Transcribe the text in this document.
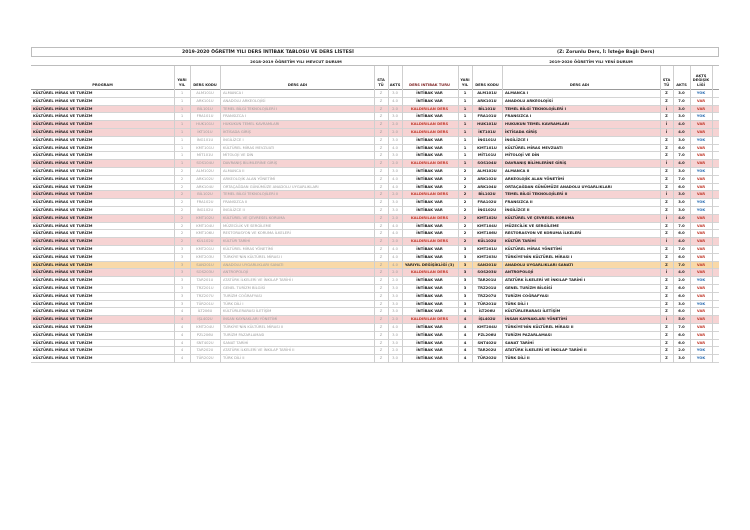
2019-2020 ÖĞRETİM YILI DERS İNTİBAK TABLOSU VE DERS LİSTESİ	(Z: Zorunlu Ders, İ: İsteğe Bağlı Ders)
2018-2019 ÖĞRETİM YILI MEVCUT DURUM	2019-2020 ÖĞRETİM YILI YENİ DURUM
PROGRAM
YARI YIL	DERS KODU	DERS ADI
STA TÜ	AKTS	DERS İNTİBAK TÜRÜ
YARI YIL	DERS KODU	DERS ADI
STA TÜ	AKTS
AKTS DEĞİŞİK LİĞİ
KÜLTÜREL MİRAS VE TURİZM	1	ALM101U	ALMANCA I	Z	3.0	İNTİBAK VAR	1	ALM101U	ALMANCA I	Z	3.0	YOK
KÜLTÜREL MİRAS VE TURİZM	1	ARK101U	ANADOLU ARKEOLOJİSİ	Z	4.0	İNTİBAK VAR	1	ARK101U	ANADOLU ARKEOLOJİSİ	Z	7.0	VAR
KÜLTÜREL MİRAS VE TURİZM	1	BİL101U	TEMEL BİLGİ TEKNOLOJİLERİ I	Z	2.0	KALDIRILAN DERS	1	BİL101U	TEMEL BİLGİ TEKNOLOJİLERİ I	İ	3.0	VAR
KÜLTÜREL MİRAS VE TURİZM	1	FRA101U	FRANSIZCA I	Z	3.0	İNTİBAK VAR	1	FRA101U	FRANSIZCA I	Z	3.0	YOK
KÜLTÜREL MİRAS VE TURİZM	1	HUK101U	HUKUKUN TEMEL KAVRAMLARI	Z	2.0	KALDIRILAN DERS	1	HUK101U	HUKUKUN TEMEL KAVRAMLARI	İ	4.0	VAR
KÜLTÜREL MİRAS VE TURİZM	1	İKT101U	İKTİSADA GİRİŞ	Z	2.0	KALDIRILAN DERS	1	İKT101U	İKTİSADA GİRİŞ	İ	4.0	VAR
KÜLTÜREL MİRAS VE TURİZM	1	İNG101U	İNGİLİZCE I	Z	3.0	İNTİBAK VAR	1	İNG101U	İNGİLİZCE I	Z	3.0	YOK
KÜLTÜREL MİRAS VE TURİZM	1	KMT101U	KÜLTÜREL MİRAS MEVZUATI	Z	4.0	İNTİBAK VAR	1	KMT101U	KÜLTÜREL MİRAS MEVZUATI	Z	6.0	VAR
KÜLTÜREL MİRAS VE TURİZM	1	MİT101U	MİTOLOJİ VE DİN	Z	3.0	İNTİBAK VAR	1	MİT101U	MİTOLOJİ VE DİN	Z	7.0	VAR
KÜLTÜREL MİRAS VE TURİZM	1	SOS104U	DAVRANIŞ BİLİMLERİNE GİRİŞ	Z	2.0	KALDIRILAN DERS	1	SOS104U	DAVRANIŞ BİLİMLERİNE GİRİŞ	İ	4.0	VAR
KÜLTÜREL MİRAS VE TURİZM	2	ALM102U	ALMANCA II	Z	3.0	İNTİBAK VAR	2	ALM102U	ALMANCA II	Z	3.0	YOK
KÜLTÜREL MİRAS VE TURİZM	2	ARK102U	ARKEOLOJİK ALAN YÖNETİMİ	Z	4.0	İNTİBAK VAR	2	ARK102U	ARKEOLOJİK ALAN YÖNETİMİ	Z	7.0	VAR
KÜLTÜREL MİRAS VE TURİZM	2	ARK104U	ORTAÇAĞDAN GÜNÜMÜZE ANADOLU UYGARLIKLARI	Z	4.0	İNTİBAK VAR	2	ARK104U	ORTAÇAĞDAN GÜNÜMÜZE ANADOLU UYGARLIKLARI	Z	6.0	VAR
KÜLTÜREL MİRAS VE TURİZM	2	BİL102U	TEMEL BİLGİ TEKNOLOJİLERİ II	Z	2.0	KALDIRILAN DERS	2	BİL102U	TEMEL BİLGİ TEKNOLOJİLERİ II	İ	3.0	VAR
KÜLTÜREL MİRAS VE TURİZM	2	FRA102U	FRANSIZCA II	Z	3.0	İNTİBAK VAR	2	FRA102U	FRANSIZCA II	Z	3.0	YOK
KÜLTÜREL MİRAS VE TURİZM	2	İNG102U	İNGİLİZCE II	Z	3.0	İNTİBAK VAR	2	İNG102U	İNGİLİZCE II	Z	3.0	YOK
KÜLTÜREL MİRAS VE TURİZM	2	KMT102U	KÜLTÜREL VE ÇEVRESEL KORUMA	Z	2.0	KALDIRILAN DERS	2	KMT102U	KÜLTÜREL VE ÇEVRESEL KORUMA	İ	4.0	VAR
KÜLTÜREL MİRAS VE TURİZM	2	KMT104U	MÜZECİLİK VE SERGİLEME	Z	4.0	İNTİBAK VAR	2	KMT104U	MÜZECİLİK VE SERGİLEME	Z	7.0	VAR
KÜLTÜREL MİRAS VE TURİZM	2	KMT106U	RESTORASYON VE KORUMA İLKELERİ	Z	4.0	İNTİBAK VAR	2	KMT106U	RESTORASYON VE KORUMA İLKELERİ	Z	6.0	VAR
KÜLTÜREL MİRAS VE TURİZM	2	KÜL102U	KÜLTÜR TARİHİ	Z	2.0	KALDIRILAN DERS	2	KÜL102U	KÜLTÜR TARİHİ	İ	4.0	VAR
KÜLTÜREL MİRAS VE TURİZM	3	KMT201U	KÜLTÜREL MİRAS YÖNETİMİ	Z	4.0	İNTİBAK VAR	3	KMT201U	KÜLTÜREL MİRAS YÖNETİMİ	Z	7.0	VAR
KÜLTÜREL MİRAS VE TURİZM	3	KMT203U	TÜRKİYE'NİN KÜLTÜREL MİRASI I	Z	4.0	İNTİBAK VAR	3	KMT203U	TÜRKİYE'NİN KÜLTÜREL MİRASI I	Z	6.0	VAR
KÜLTÜREL MİRAS VE TURİZM	3	SAN201U	ANADOLU UYGARLIKLARI SANATI	Z	4.0	YARIYIL DEĞİŞİKLİĞİ (3)	3	SAN201U	ANADOLU UYGARLIKLARI SANATI	Z	7.0	VAR
KÜLTÜREL MİRAS VE TURİZM	3	SOS203U	ANTROPOLOJİ	Z	2.0	KALDIRILAN DERS	3	SOS203U	ANTROPOLOJİ	İ	4.0	VAR
KÜLTÜREL MİRAS VE TURİZM	3	TAR201U	ATATÜRK İLKELERİ VE İNKILAP TARİHİ I	Z	2.0	İNTİBAK VAR	3	TAR201U	ATATÜRK İLKELERİ VE İNKILAP TARİHİ I	Z	2.0	YOK
KÜLTÜREL MİRAS VE TURİZM	3	TRZ201U	GENEL TURİZM BİLGİSİ	Z	3.0	İNTİBAK VAR	3	TRZ201U	GENEL TURİZM BİLGİSİ	Z	6.0	VAR
KÜLTÜREL MİRAS VE TURİZM	3	TRZ207U	TURİZM COĞRAFYASI	Z	3.0	İNTİBAK VAR	3	TRZ207U	TURİZM COĞRAFYASI	Z	6.0	VAR
KÜLTÜREL MİRAS VE TURİZM	3	TÜR201U	TÜRK DİLİ I	Z	3.0	İNTİBAK VAR	3	TÜR201U	TÜRK DİLİ I	Z	3.0	YOK
KÜLTÜREL MİRAS VE TURİZM	4	İLT206U	KÜLTÜRLERARASI İLETİŞİM	Z	3.0	İNTİBAK VAR	4	İLT206U	KÜLTÜRLERARASI İLETİŞİM	Z	6.0	VAR
KÜLTÜREL MİRAS VE TURİZM	4	İŞL402U	İNSAN KAYNAKLARI YÖNETİMİ	Z	2.0	KALDIRILAN DERS	4	İŞL402U	İNSAN KAYNAKLARI YÖNETİMİ	İ	5.0	VAR
KÜLTÜREL MİRAS VE TURİZM	4	KMT204U	TÜRKİYE'NİN KÜLTÜREL MİRASI II	Z	4.0	İNTİBAK VAR	4	KMT204U	TÜRKİYE'NİN KÜLTÜREL MİRASI II	Z	7.0	VAR
KÜLTÜREL MİRAS VE TURİZM	4	PZL206U	TURİZM PAZARLAMASI	Z	3.0	İNTİBAK VAR	4	PZL206U	TURİZM PAZARLAMASI	Z	6.0	VAR
KÜLTÜREL MİRAS VE TURİZM	4	SNT402U	SANAT TARİHİ	Z	3.0	İNTİBAK VAR	4	SNT402U	SANAT TARİHİ	Z	6.0	VAR
KÜLTÜREL MİRAS VE TURİZM	4	TAR202U	ATATÜRK İLKELERİ VE İNKILAP TARİHİ II	Z	2.0	İNTİBAK VAR	4	TAR202U	ATATÜRK İLKELERİ VE İNKILAP TARİHİ II	Z	2.0	YOK
KÜLTÜREL MİRAS VE TURİZM	4	TÜR202U	TÜRK DİLİ II	Z	3.0	İNTİBAK VAR	4	TÜR202U	TÜRK DİLİ II	Z	3.0	YOK
